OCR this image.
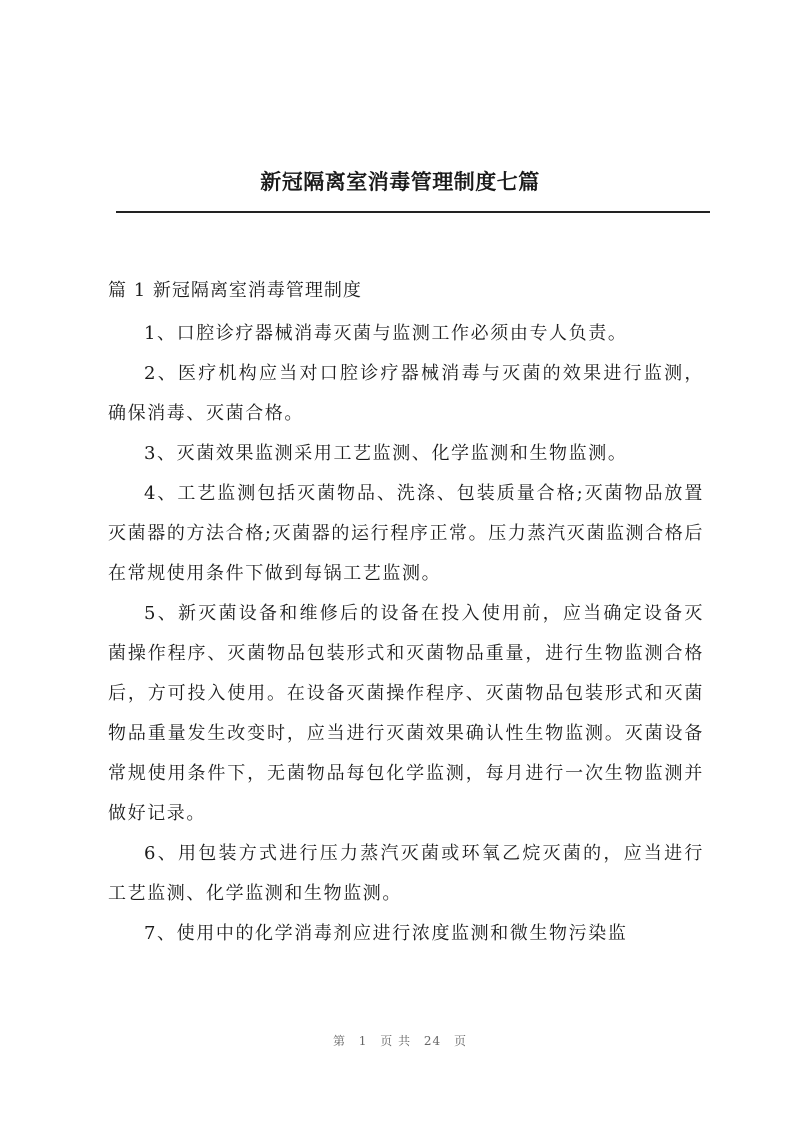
新冠隔离室消毒管理制度七篇
篇 1 新冠隔离室消毒管理制度

1、口腔诊疗器械消毒灭菌与监测工作必须由专人负责。

2、医疗机构应当对口腔诊疗器械消毒与灭菌的效果进行监测，确保消毒、灭菌合格。

3、灭菌效果监测采用工艺监测、化学监测和生物监测。

4、工艺监测包括灭菌物品、洗涤、包装质量合格;灭菌物品放置灭菌器的方法合格;灭菌器的运行程序正常。压力蒸汽灭菌监测合格后在常规使用条件下做到每锅工艺监测。

5、新灭菌设备和维修后的设备在投入使用前，应当确定设备灭菌操作程序、灭菌物品包装形式和灭菌物品重量，进行生物监测合格后，方可投入使用。在设备灭菌操作程序、灭菌物品包装形式和灭菌物品重量发生改变时，应当进行灭菌效果确认性生物监测。灭菌设备常规使用条件下，无菌物品每包化学监测，每月进行一次生物监测并做好记录。

6、用包装方式进行压力蒸汽灭菌或环氧乙烷灭菌的，应当进行工艺监测、化学监测和生物监测。

7、使用中的化学消毒剂应进行浓度监测和微生物污染监

第 1 页 共 24 页
